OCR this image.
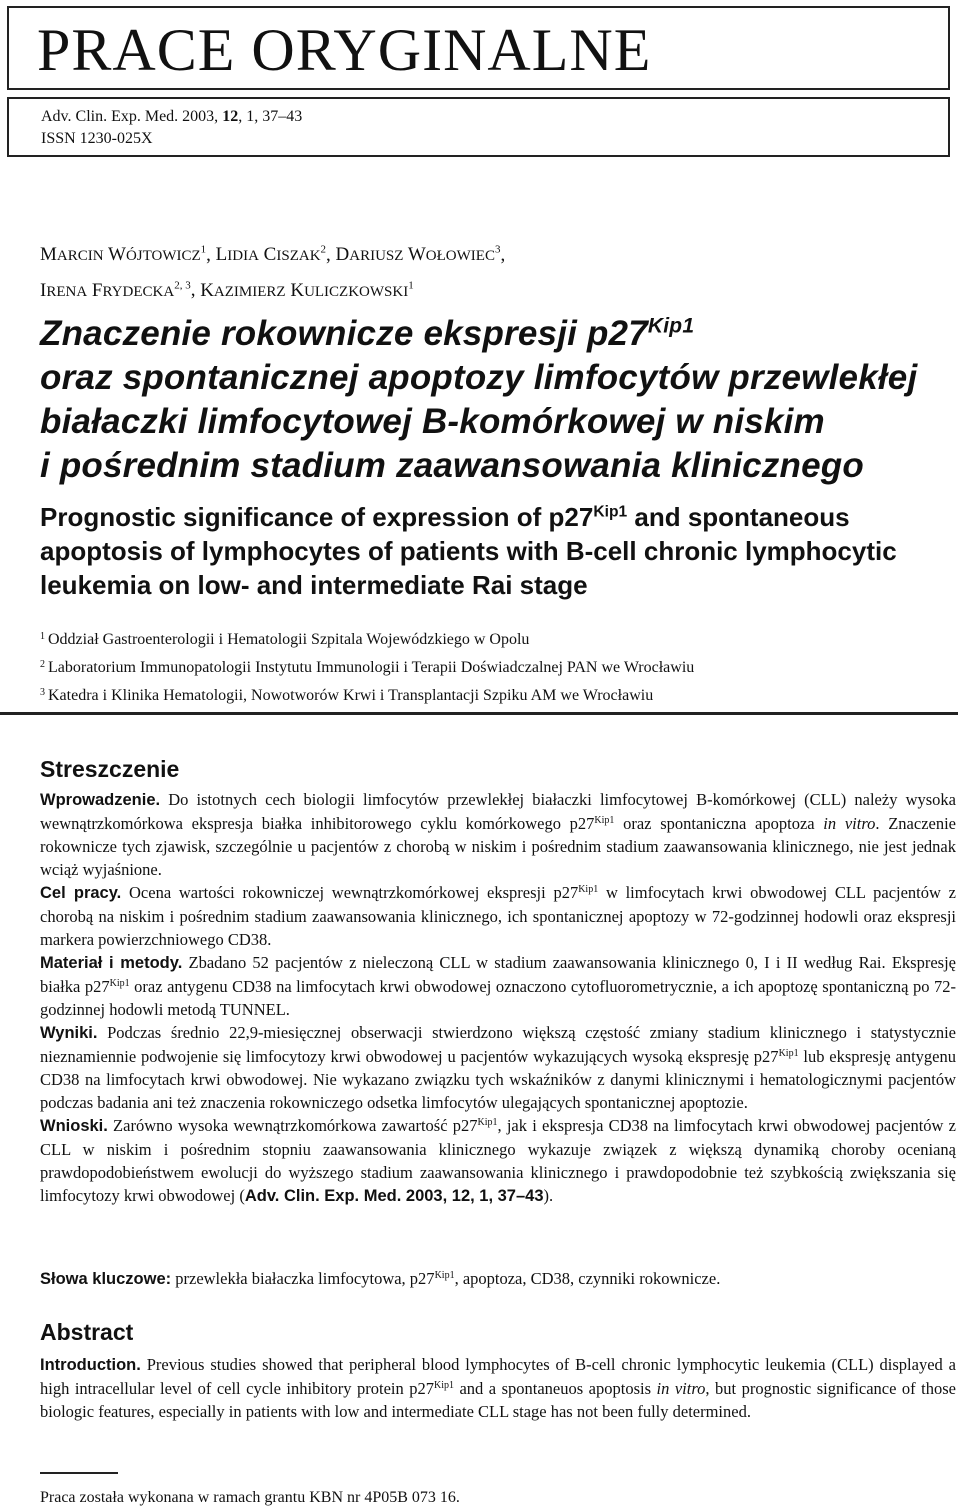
PRACE ORYGINALNE
Adv. Clin. Exp. Med. 2003, 12, 1, 37–43
ISSN 1230-025X
MARCIN WÓJTOWICZ$^1$, LIDIA CISZAK$^2$, DARIUSZ WOŁOWIEC$^3$,
IRENA FRYDECKA$^{2, 3}$, KAZIMIERZ KULICZKOWSKI$^1$
Znaczenie rokownicze ekspresji $p27^{Kip1}$
oraz spontanicznej apoptozy limfocytów przewlekłej
białaczki limfocytowej B-komórkowej w niskim
i pośrednim stadium zaawansowania klinicznego
Prognostic significance of expression of $p27^{Kip1}$ and spontaneous
apoptosis of lymphocytes of patients with B-cell chronic lymphocytic
leukemia on low- and intermediate Rai stage
$^1$ Oddział Gastroenterologii i Hematologii Szpitala Wojewódzkiego w Opolu
$^2$ Laboratorium Immunopatologii Instytutu Immunologii i Terapii Doświadczalnej PAN we Wrocławiu
$^3$ Katedra i Klinika Hematologii, Nowotworów Krwi i Transplantacji Szpiku AM we Wrocławiu
Streszczenie

Wprowadzenie. Do istotnych cech biologii limfocytów przewlekłej białaczki limfocytowej B-komórkowej (CLL) należy wysoka wewnątrzkomórkowa ekspresja białka inhibitorowego cyklu komórkowego $p27^{Kip1}$ oraz spontaniczna apoptoza in vitro. Znaczenie rokownicze tych zjawisk, szczególnie u pacjentów z chorobą w niskim i pośrednim stadium zaawansowania klinicznego, nie jest jednak wciąż wyjaśnione.

Cel pracy. Ocena wartości rokowniczej wewnątrzkomórkowej ekspresji $p27^{Kip1}$ w limfocytach krwi obwodowej CLL pacjentów z chorobą na niskim i pośrednim stadium zaawansowania klinicznego, ich spontanicznej apoptozy w 72-godzinnej hodowli oraz ekspresji markera powierzchniowego CD38.

Materiał i metody. Zbadano 52 pacjentów z nieleczoną CLL w stadium zaawansowania klinicznego 0, I i II według Rai. Ekspresję białka $p27^{Kip1}$ oraz antygenu CD38 na limfocytach krwi obwodowej oznaczono cytofluorometrycznie, a ich apoptozę spontaniczną po 72-godzinnej hodowli metodą TUNNEL.

Wyniki. Podczas średnio 22,9-miesięcznej obserwacji stwierdzono większą częstość zmiany stadium klinicznego i statystycznie nieznamiennie podwojenie się limfocytozy krwi obwodowej u pacjentów wykazujących wysoką ekspresję $p27^{Kip1}$ lub ekspresję antygenu CD38 na limfocytach krwi obwodowej. Nie wykazano związku tych wskaźników z danymi klinicznymi i hematologicznymi pacjentów podczas badania ani też znaczenia rokowniczego odsetka limfocytów ulegających spontanicznej apoptozie.

Wnioski. Zarówno wysoka wewnątrzkomórkowa zawartość $p27^{Kip1}$, jak i ekspresja CD38 na limfocytach krwi obwodowej pacjentów z CLL w niskim i pośrednim stopniu zaawansowania klinicznego wykazuje związek z większą dynamiką choroby ocenianą prawdopodobieństwem ewolucji do wyższego stadium zaawansowania klinicznego i prawdopodobnie też szybkością zwiększania się limfocytozy krwi obwodowej (Adv. Clin. Exp. Med. 2003, 12, 1, 37–43).

Słowa kluczowe: przewlekła białaczka limfocytowa, $p27^{Kip1}$, apoptoza, CD38, czynniki rokownicze.

Abstract

Introduction. Previous studies showed that peripheral blood lymphocytes of B-cell chronic lymphocytic leukemia (CLL) displayed a high intracellular level of cell cycle inhibitory protein $p27^{Kip1}$ and a spontaneuos apoptosis in vitro, but prognostic significance of those biologic features, especially in patients with low and intermediate CLL stage has not been fully determined.

Praca została wykonana w ramach grantu KBN nr 4P05B 073 16.
